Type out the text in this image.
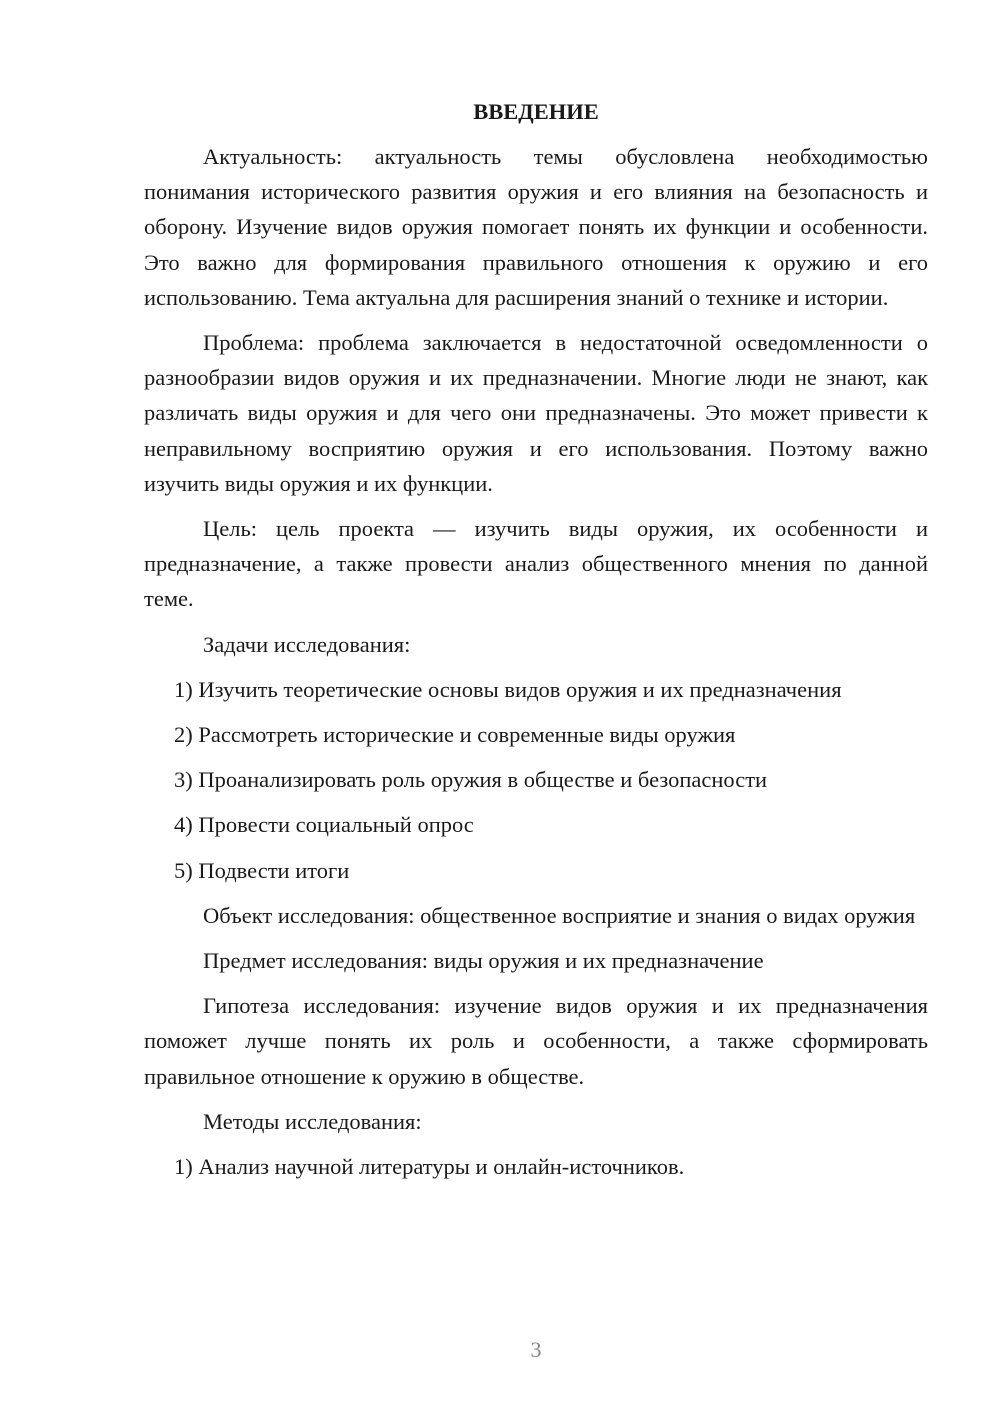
ВВЕДЕНИЕ

Актуальность: актуальность темы обусловлена необходимостью понимания исторического развития оружия и его влияния на безопасность и оборону. Изучение видов оружия помогает понять их функции и особенности. Это важно для формирования правильного отношения к оружию и его использованию. Тема актуальна для расширения знаний о технике и истории.

Проблема: проблема заключается в недостаточной осведомленности о разнообразии видов оружия и их предназначении. Многие люди не знают, как различать виды оружия и для чего они предназначены. Это может привести к неправильному восприятию оружия и его использования. Поэтому важно изучить виды оружия и их функции.

Цель: цель проекта — изучить виды оружия, их особенности и предназначение, а также провести анализ общественного мнения по данной теме.

Задачи исследования:

1) Изучить теоретические основы видов оружия и их предназначения
2) Рассмотреть исторические и современные виды оружия
3) Проанализировать роль оружия в обществе и безопасности
4) Провести социальный опрос
5) Подвести итоги

Объект исследования: общественное восприятие и знания о видах оружия

Предмет исследования: виды оружия и их предназначение

Гипотеза исследования: изучение видов оружия и их предназначения поможет лучше понять их роль и особенности, а также сформировать правильное отношение к оружию в обществе.

Методы исследования:

1) Анализ научной литературы и онлайн-источников.
3
